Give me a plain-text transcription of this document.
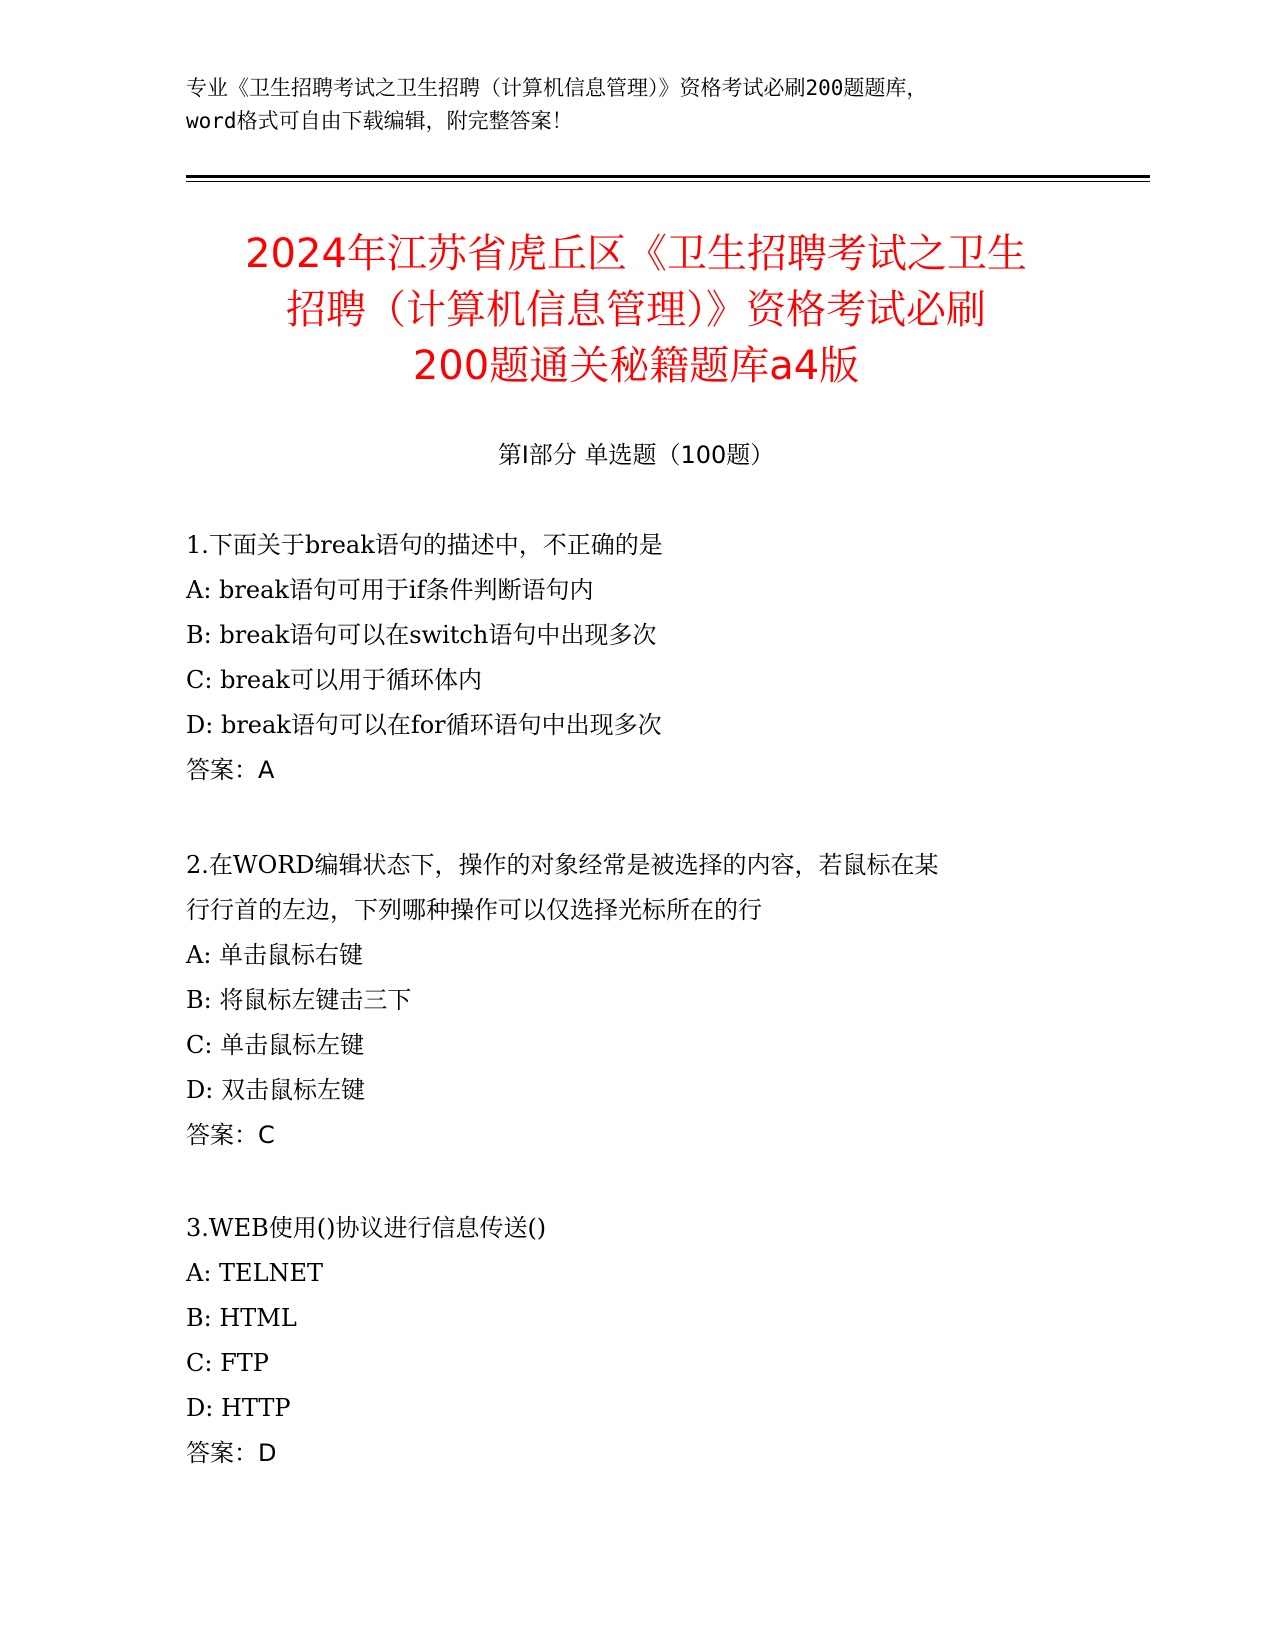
专业《卫生招聘考试之卫生招聘（计算机信息管理）》资格考试必刷200题题库，
word格式可自由下载编辑，附完整答案！
2024年江苏省虎丘区《卫生招聘考试之卫生
招聘（计算机信息管理）》资格考试必刷
200题通关秘籍题库a4版
第I部分 单选题（100题）
1.下面关于break语句的描述中，不正确的是
A: break语句可用于if条件判断语句内
B: break语句可以在switch语句中出现多次
C: break可以用于循环体内
D: break语句可以在for循环语句中出现多次
答案：A
2.在WORD编辑状态下，操作的对象经常是被选择的内容，若鼠标在某
行行首的左边，下列哪种操作可以仅选择光标所在的行
A: 单击鼠标右键
B: 将鼠标左键击三下
C: 单击鼠标左键
D: 双击鼠标左键
答案：C
3.WEB使用()协议进行信息传送()
A: TELNET
B: HTML
C: FTP
D: HTTP
答案：D
